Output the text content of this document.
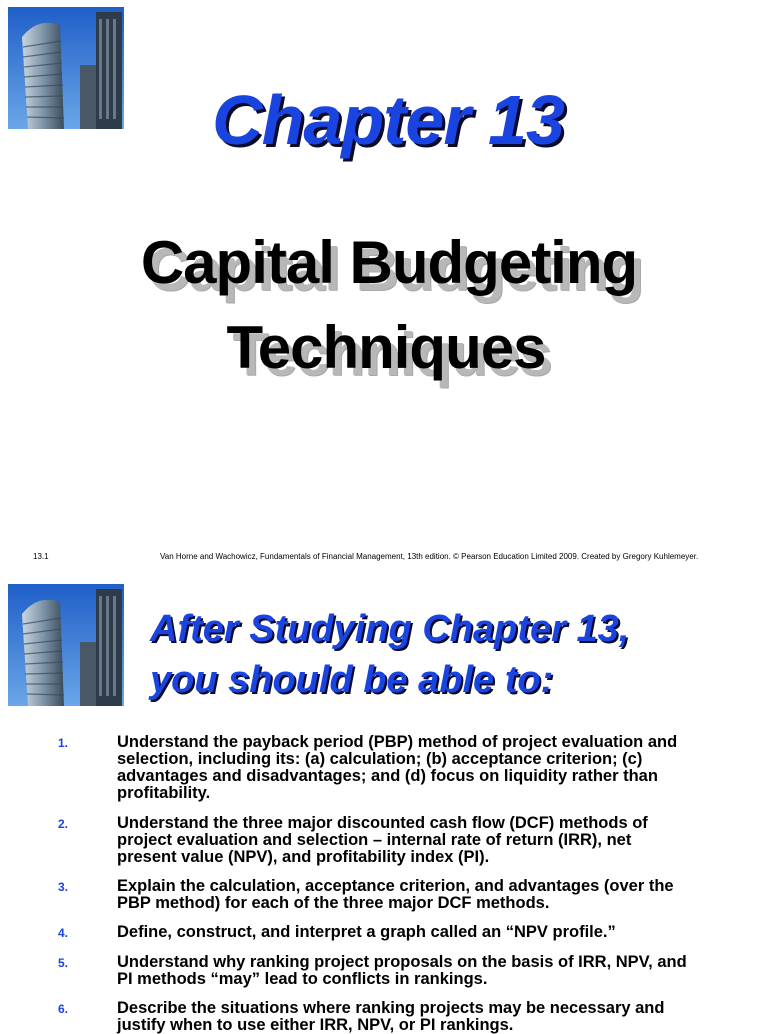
Chapter 13
Capital Budgeting
Techniques
13.1	Van Horne and Wachowicz, Fundamentals of Financial Management, 13th edition. © Pearson Education Limited 2009. Created by Gregory Kuhlemeyer.
After Studying Chapter 13,
you should be able to:
1.	Understand the payback period (PBP) method of project evaluation and
selection, including its: (a) calculation; (b) acceptance criterion; (c)
advantages and disadvantages; and (d) focus on liquidity rather than
profitability.
2.	Understand the three major discounted cash flow (DCF) methods of
project evaluation and selection – internal rate of return (IRR), net
present value (NPV), and profitability index (PI).
3.	Explain the calculation, acceptance criterion, and advantages (over the
PBP method) for each of the three major DCF methods.
4.	Define, construct, and interpret a graph called an “NPV profile.”
5.	Understand why ranking project proposals on the basis of IRR, NPV, and
PI methods “may” lead to conflicts in rankings.
6.	Describe the situations where ranking projects may be necessary and
justify when to use either IRR, NPV, or PI rankings.
